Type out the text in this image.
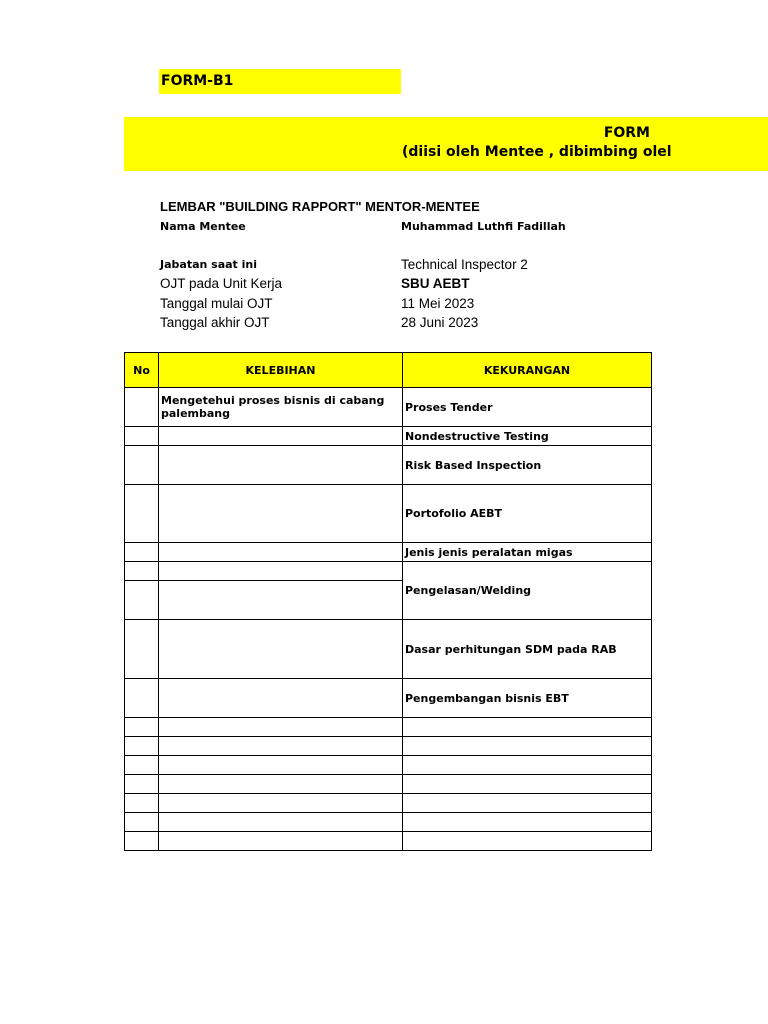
FORM-B1
FORM
(diisi oleh Mentee , dibimbing olel
LEMBAR "BUILDING RAPPORT" MENTOR-MENTEE
Nama Mentee	Muhammad Luthfi Fadillah
Jabatan saat ini	Technical Inspector 2
OJT pada Unit Kerja	SBU AEBT
Tanggal mulai OJT	11 Mei 2023
Tanggal akhir OJT	28 Juni 2023
No	KELEBIHAN	KEKURANGAN
	Mengetehui proses bisnis di cabang palembang	Proses Tender
		Nondestructive Testing
		Risk Based Inspection
		Portofolio AEBT
		Jenis jenis peralatan migas
		Pengelasan/Welding

		Dasar perhitungan SDM pada RAB
		Pengembangan bisnis EBT
